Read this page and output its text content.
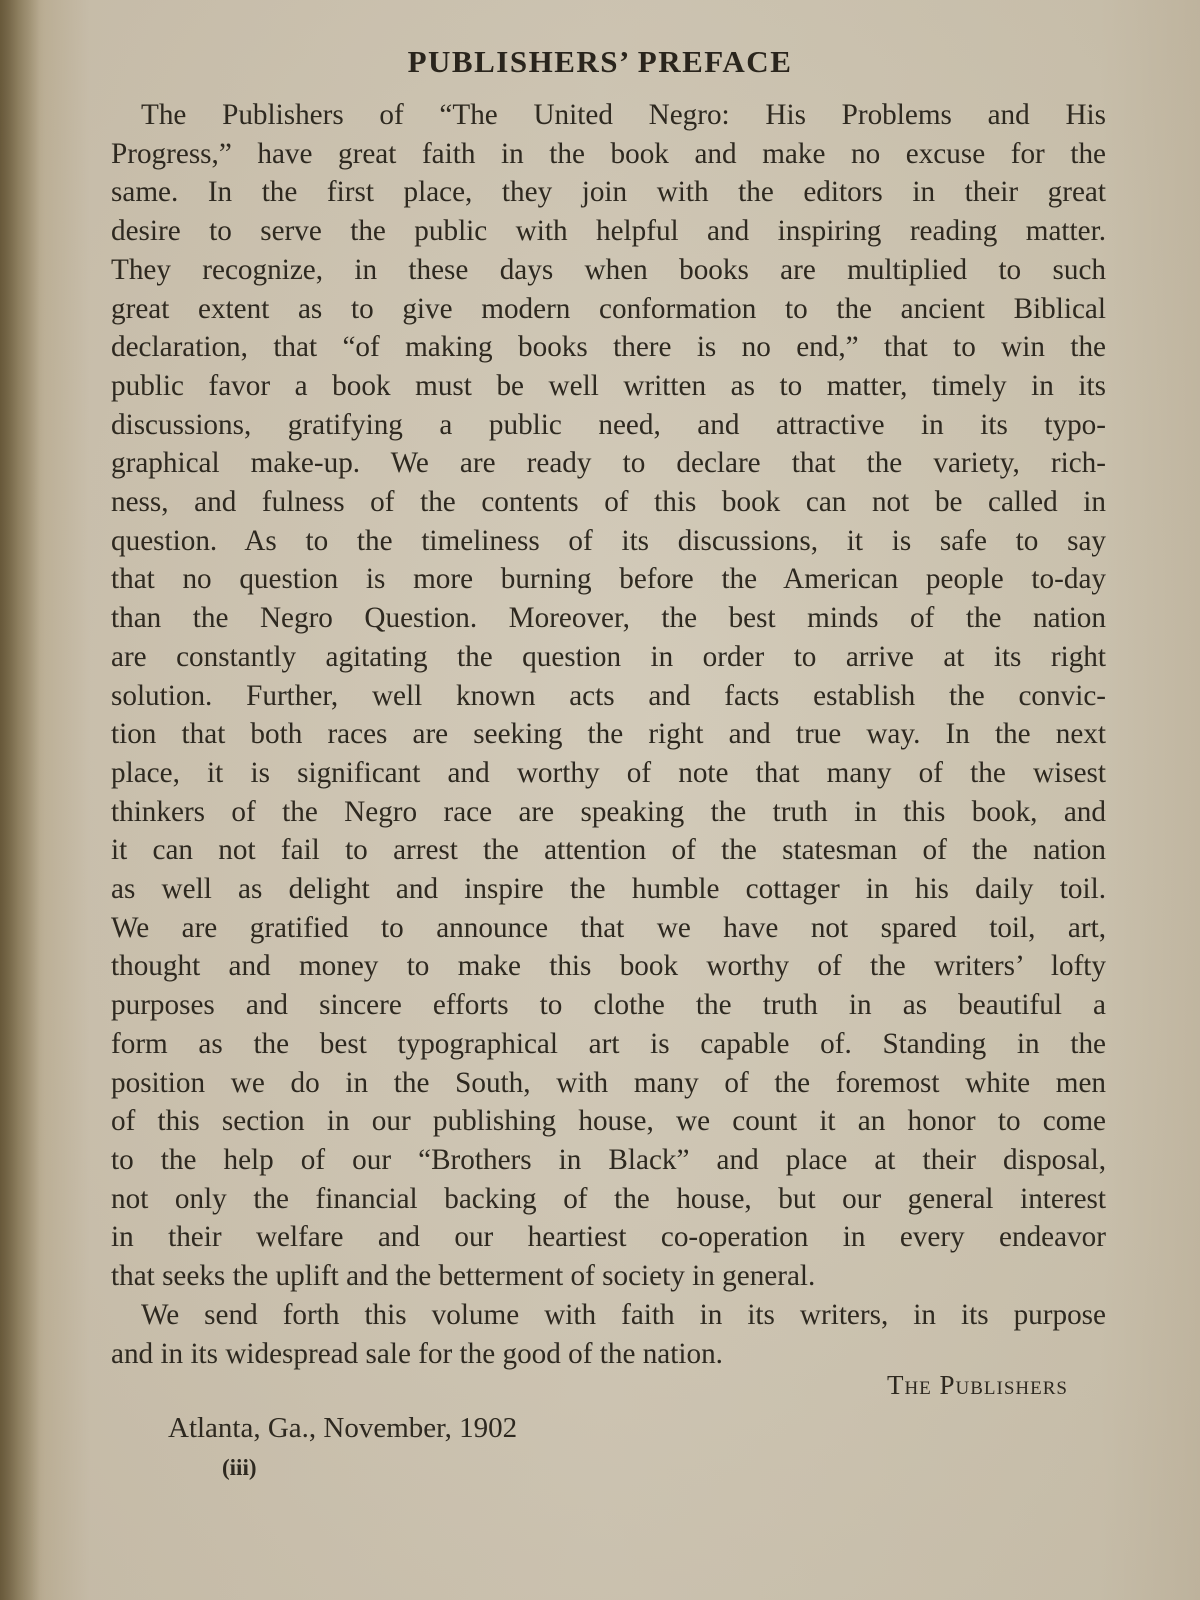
PUBLISHERS’ PREFACE
The Publishers of “The United Negro: His Problems and His
Progress,” have great faith in the book and make no excuse for the
same. In the first place, they join with the editors in their great
desire to serve the public with helpful and inspiring reading matter.
They recognize, in these days when books are multiplied to such
great extent as to give modern conformation to the ancient Biblical
declaration, that “of making books there is no end,” that to win the
public favor a book must be well written as to matter, timely in its
discussions, gratifying a public need, and attractive in its typo-
graphical make-up. We are ready to declare that the variety, rich-
ness, and fulness of the contents of this book can not be called in
question. As to the timeliness of its discussions, it is safe to say
that no question is more burning before the American people to-day
than the Negro Question. Moreover, the best minds of the nation
are constantly agitating the question in order to arrive at its right
solution. Further, well known acts and facts establish the convic-
tion that both races are seeking the right and true way. In the next
place, it is significant and worthy of note that many of the wisest
thinkers of the Negro race are speaking the truth in this book, and
it can not fail to arrest the attention of the statesman of the nation
as well as delight and inspire the humble cottager in his daily toil.
We are gratified to announce that we have not spared toil, art,
thought and money to make this book worthy of the writers’ lofty
purposes and sincere efforts to clothe the truth in as beautiful a
form as the best typographical art is capable of. Standing in the
position we do in the South, with many of the foremost white men
of this section in our publishing house, we count it an honor to come
to the help of our “Brothers in Black” and place at their disposal,
not only the financial backing of the house, but our general interest
in their welfare and our heartiest co-operation in every endeavor
that seeks the uplift and the betterment of society in general.
We send forth this volume with faith in its writers, in its purpose
and in its widespread sale for the good of the nation.
The Publishers
Atlanta, Ga., November, 1902
(iii)
